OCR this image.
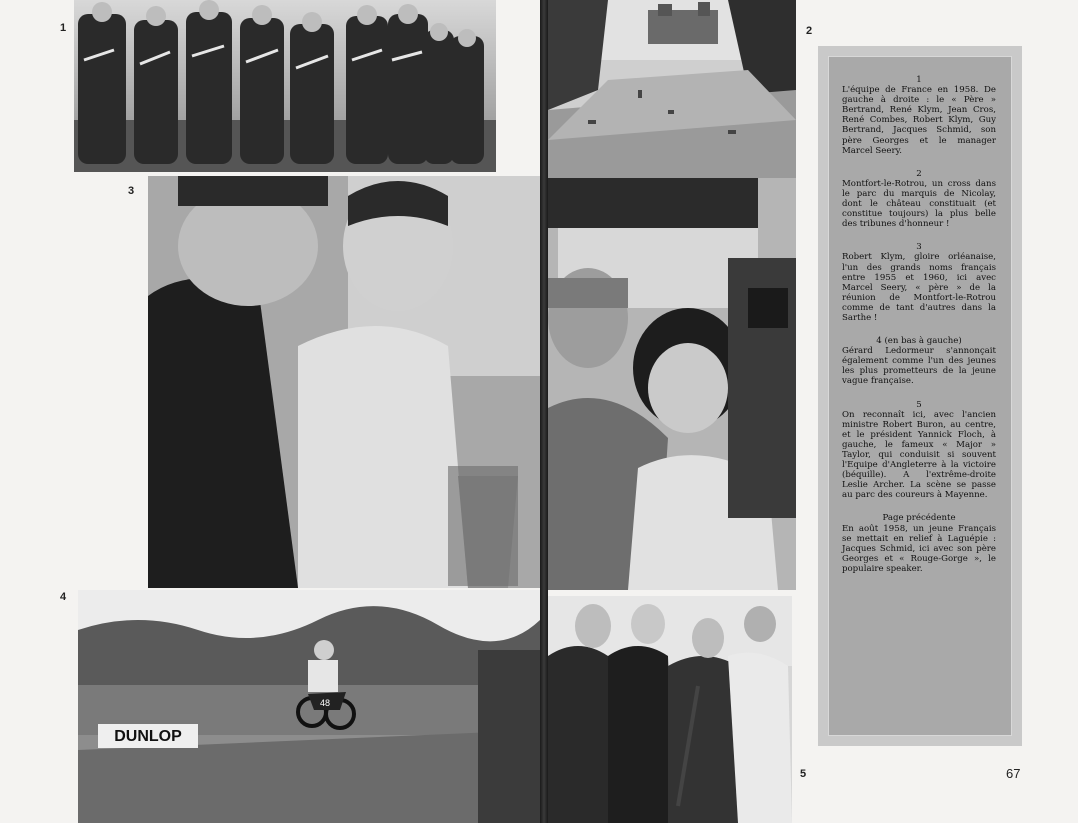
1	2
3
4
5	67
DUNLOP
48

1

L'équipe de France en 1958. De gauche à droite : le « Père » Bertrand, René Klym, Jean Cros, René Combes, Robert Klym, Guy Bertrand, Jacques Schmid, son père Georges et le manager Marcel Seery.

2

Montfort-le-Rotrou, un cross dans le parc du marquis de Nicolay, dont le château constituait (et constitue toujours) la plus belle des tribunes d'honneur !

3

Robert Klym, gloire orléanaise, l'un des grands noms français entre 1955 et 1960, ici avec Marcel Seery, « père » de la réunion de Montfort-le-Rotrou comme de tant d'autres dans la Sarthe !

4 (en bas à gauche)

Gérard Ledormeur s'annonçait également comme l'un des jeunes les plus prometteurs de la jeune vague française.

5

On reconnaît ici, avec l'ancien ministre Robert Buron, au centre, et le président Yannick Floch, à gauche, le fameux « Major » Taylor, qui conduisit si souvent l'Equipe d'Angleterre à la victoire (béquille). A l'extrême-droite Leslie Archer. La scène se passe au parc des coureurs à Mayenne.

Page précédente

En août 1958, un jeune Français se mettait en relief à Laguépie : Jacques Schmid, ici avec son père Georges et « Rouge-Gorge », le populaire speaker.
